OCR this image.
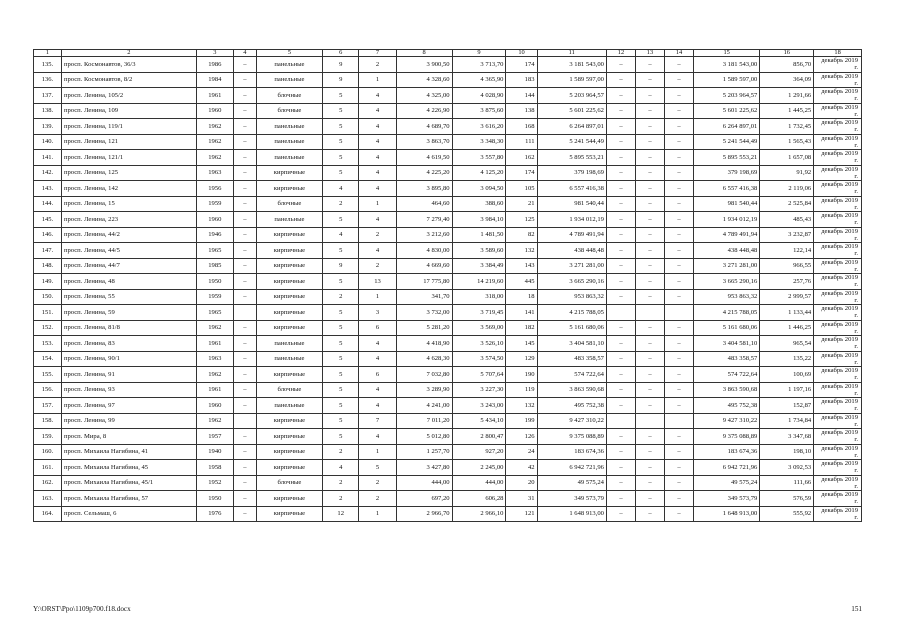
1	2	3	4	5	6	7	8	9	10	11	12	13	14	15	16	18
135.	просп. Космонавтов, 36/3	1986	–	панельные	9	2	3 900,50	3 713,70	174	3 181 543,00	–	–	–	3 181 543,00	856,70	декабрь 2019 г.
136.	просп. Космонавтов, 8/2	1984	–	панельные	9	1	4 328,60	4 365,90	183	1 589 597,00	–	–	–	1 589 597,00	364,09	декабрь 2019 г.
137.	просп. Ленина, 105/2	1961	–	блочные	5	4	4 325,00	4 028,90	144	5 203 964,57	–	–	–	5 203 964,57	1 291,66	декабрь 2019 г.
138.	просп. Ленина, 109	1960	–	блочные	5	4	4 226,90	3 875,60	138	5 601 225,62	–	–	–	5 601 225,62	1 445,25	декабрь 2019 г.
139.	просп. Ленина, 119/1	1962	–	панельные	5	4	4 689,70	3 616,20	168	6 264 897,01	–	–	–	6 264 897,01	1 732,45	декабрь 2019 г.
140.	просп. Ленина, 121	1962	–	панельные	5	4	3 863,70	3 348,30	111	5 241 544,49	–	–	–	5 241 544,49	1 565,43	декабрь 2019 г.
141.	просп. Ленина, 121/1	1962	–	панельные	5	4	4 619,50	3 557,80	162	5 895 553,21	–	–	–	5 895 553,21	1 657,08	декабрь 2019 г.
142.	просп. Ленина, 125	1963	–	кирпичные	5	4	4 225,20	4 125,20	174	379 198,69	–	–	–	379 198,69	91,92	декабрь 2019 г.
143.	просп. Ленина, 142	1956	–	кирпичные	4	4	3 895,80	3 094,50	105	6 557 416,38	–	–	–	6 557 416,38	2 119,06	декабрь 2019 г.
144.	просп. Ленина, 15	1959	–	блочные	2	1	464,60	388,60	21	981 540,44	–	–	–	981 540,44	2 525,84	декабрь 2019 г.
145.	просп. Ленина, 223	1960	–	панельные	5	4	7 279,40	3 984,10	125	1 934 012,19	–	–	–	1 934 012,19	485,43	декабрь 2019 г.
146.	просп. Ленина, 44/2	1946	–	кирпичные	4	2	3 212,60	1 481,50	82	4 789 491,94	–	–	–	4 789 491,94	3 232,87	декабрь 2019 г.
147.	просп. Ленина, 44/5	1965	–	кирпичные	5	4	4 830,00	3 589,60	132	438 448,48	–	–	–	438 448,48	122,14	декабрь 2019 г.
148.	просп. Ленина, 44/7	1985	–	кирпичные	9	2	4 669,60	3 384,49	143	3 271 281,00	–	–	–	3 271 281,00	966,55	декабрь 2019 г.
149.	просп. Ленина, 48	1950	–	кирпичные	5	13	17 775,80	14 219,60	445	3 665 290,16	–	–	–	3 665 290,16	257,76	декабрь 2019 г.
150.	просп. Ленина, 55	1959	–	кирпичные	2	1	341,70	318,00	18	953 863,32	–	–	–	953 863,32	2 999,57	декабрь 2019 г.
151.	просп. Ленина, 59	1965		кирпичные	5	3	3 732,00	3 719,45	141	4 215 788,05				4 215 788,05	1 133,44	декабрь 2019 г.
152.	просп. Ленина, 81/8	1962	–	кирпичные	5	6	5 281,20	3 569,00	182	5 161 680,06	–	–	–	5 161 680,06	1 446,25	декабрь 2019 г.
153.	просп. Ленина, 83	1961	–	панельные	5	4	4 418,90	3 526,10	145	3 404 581,10	–	–	–	3 404 581,10	965,54	декабрь 2019 г.
154.	просп. Ленина, 90/1	1963	–	панельные	5	4	4 628,30	3 574,50	129	483 358,57	–	–	–	483 358,57	135,22	декабрь 2019 г.
155.	просп. Ленина, 91	1962	–	кирпичные	5	6	7 032,80	5 707,64	190	574 722,64	–	–	–	574 722,64	100,69	декабрь 2019 г.
156.	просп. Ленина, 93	1961	–	блочные	5	4	3 289,90	3 227,30	119	3 863 590,68	–	–	–	3 863 590,68	1 197,16	декабрь 2019 г.
157.	просп. Ленина, 97	1960	–	панельные	5	4	4 241,00	3 243,00	132	495 752,38	–	–	–	495 752,38	152,87	декабрь 2019 г.
158.	просп. Ленина, 99	1962		кирпичные	5	7	7 011,20	5 434,10	199	9 427 310,22				9 427 310,22	1 734,84	декабрь 2019 г.
159.	просп. Мира, 8	1957	–	кирпичные	5	4	5 012,80	2 800,47	126	9 375 088,89	–	–	–	9 375 088,89	3 347,68	декабрь 2019 г.
160.	просп. Михаила Нагибина, 41	1940	–	кирпичные	2	1	1 257,70	927,20	24	183 674,36	–	–	–	183 674,36	198,10	декабрь 2019 г.
161.	просп. Михаила Нагибина, 45	1958	–	кирпичные	4	5	3 427,80	2 245,00	42	6 942 721,96	–	–	–	6 942 721,96	3 092,53	декабрь 2019 г.
162.	просп. Михаила Нагибина, 45/1	1952	–	блочные	2	2	444,00	444,00	20	49 575,24	–	–	–	49 575,24	111,66	декабрь 2019 г.
163.	просп. Михаила Нагибина, 57	1950	–	кирпичные	2	2	697,20	606,28	31	349 573,79	–	–	–	349 573,79	576,59	декабрь 2019 г.
164.	просп. Сельмаш, 6	1976	–	кирпичные	12	1	2 966,70	2 966,10	121	1 648 913,00	–	–	–	1 648 913,00	555,92	декабрь 2019 г.
Y:\ORST\Ppo\1109p700.f18.docx	151
